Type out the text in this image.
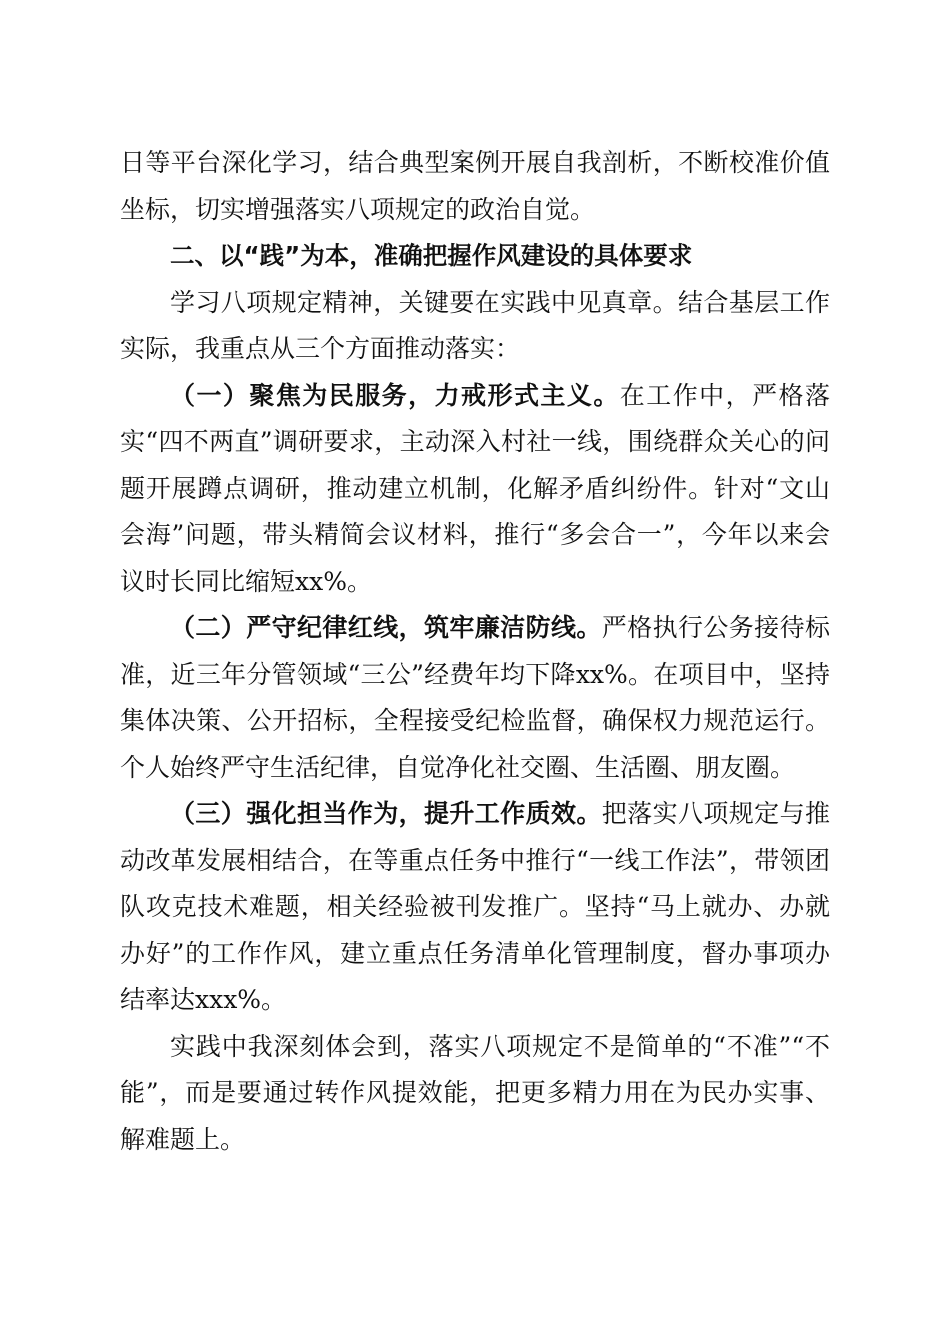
日等平台深化学习，结合典型案例开展自我剖析，不断校准价值坐标，切实增强落实八项规定的政治自觉。

二、以“践”为本，准确把握作风建设的具体要求

学习八项规定精神，关键要在实践中见真章。结合基层工作实际，我重点从三个方面推动落实：

（一）聚焦为民服务，力戒形式主义。在工作中，严格落实“四不两直”调研要求，主动深入村社一线，围绕群众关心的问题开展蹲点调研，推动建立机制，化解矛盾纠纷件。针对“文山会海”问题，带头精简会议材料，推行“多会合一”，今年以来会议时长同比缩短xx%。

（二）严守纪律红线，筑牢廉洁防线。严格执行公务接待标准，近三年分管领域“三公”经费年均下降xx%。在项目中，坚持集体决策、公开招标，全程接受纪检监督，确保权力规范运行。个人始终严守生活纪律，自觉净化社交圈、生活圈、朋友圈。

（三）强化担当作为，提升工作质效。把落实八项规定与推动改革发展相结合，在等重点任务中推行“一线工作法”，带领团队攻克技术难题，相关经验被刊发推广。坚持“马上就办、办就办好”的工作作风，建立重点任务清单化管理制度，督办事项办结率达xxx%。

实践中我深刻体会到，落实八项规定不是简单的“不准”“不能”，而是要通过转作风提效能，把更多精力用在为民办实事、解难题上。
